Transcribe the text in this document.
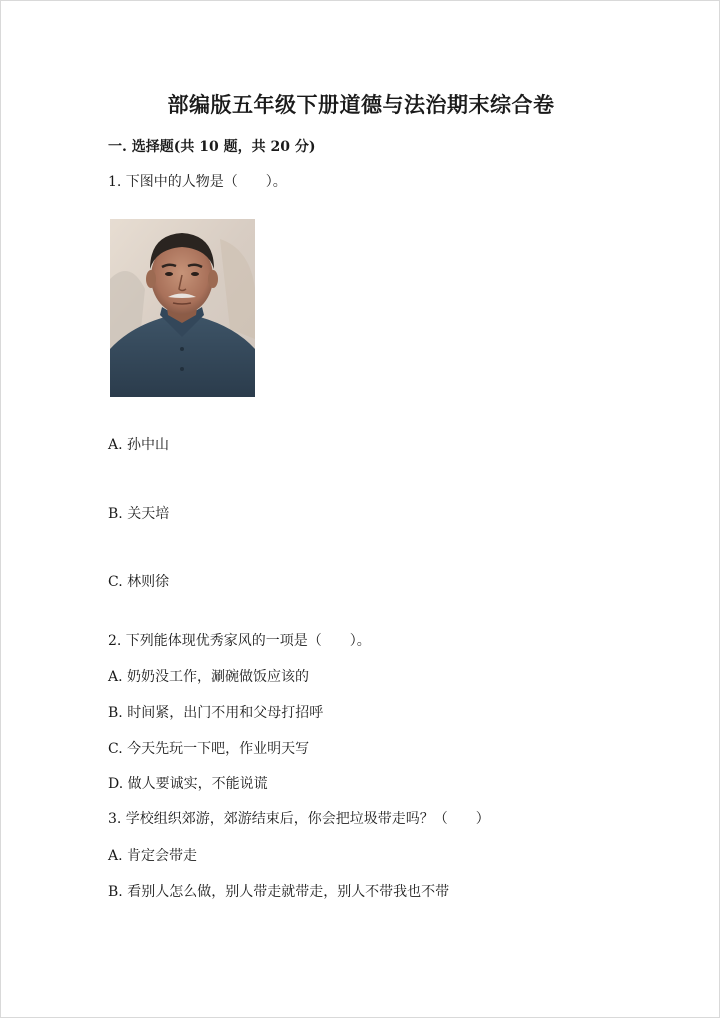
部编版五年级下册道德与法治期末综合卷
一. 选择题(共 10 题，共 20 分)
1. 下图中的人物是（　　）。
A. 孙中山
B. 关天培
C. 林则徐
2. 下列能体现优秀家风的一项是（　　）。
A. 奶奶没工作，涮碗做饭应该的
B. 时间紧，出门不用和父母打招呼
C. 今天先玩一下吧，作业明天写
D. 做人要诚实，不能说谎
3. 学校组织郊游，郊游结束后，你会把垃圾带走吗？（　　）
A. 肯定会带走
B. 看别人怎么做，别人带走就带走，别人不带我也不带
